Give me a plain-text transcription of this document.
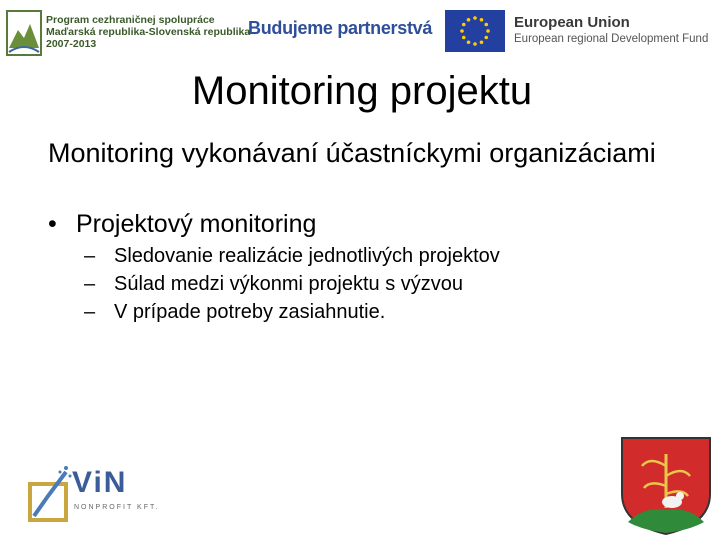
Program cezhraničnej spolupráce
Maďarská republika-Slovenská republika
2007-2013
Budujeme partnerstvá	European Union
European regional Development Fund
Monitoring projektu

Monitoring vykonávaní účastníckymi organizáciami

• Projektový monitoring
– Sledovanie realizácie jednotlivých projektov
– Súlad medzi výkonmi projektu s výzvou
– V prípade potreby zasiahnutie.
ViN
NONPROFIT KFT.
